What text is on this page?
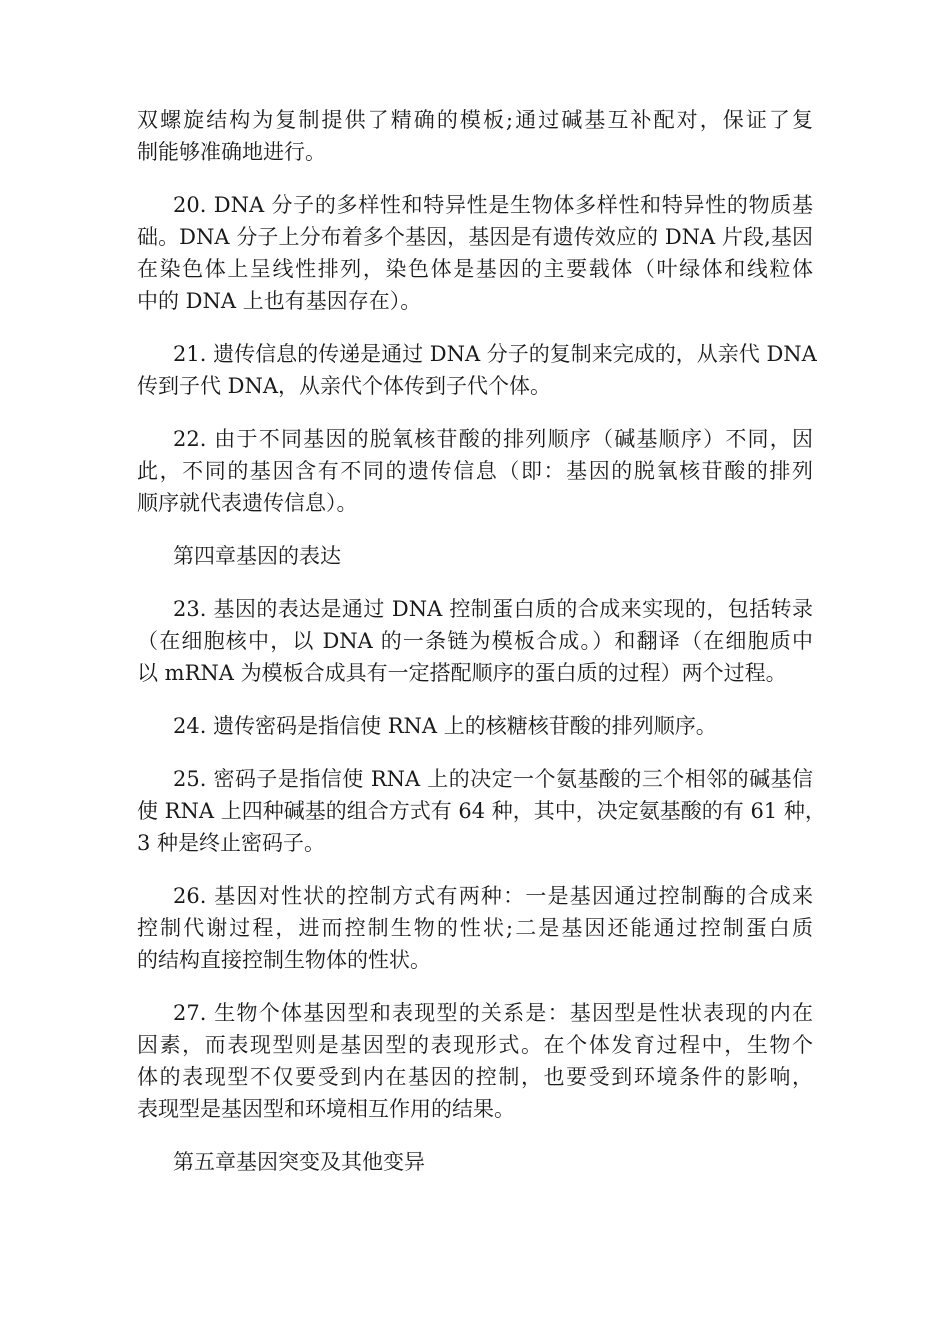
双螺旋结构为复制提供了精确的模板;通过碱基互补配对，保证了复
制能够准确地进行。
20. DNA 分子的多样性和特异性是生物体多样性和特异性的物质基
础。DNA 分子上分布着多个基因，基因是有遗传效应的 DNA 片段,基因
在染色体上呈线性排列，染色体是基因的主要载体（叶绿体和线粒体
中的 DNA 上也有基因存在）。
21. 遗传信息的传递是通过 DNA 分子的复制来完成的，从亲代 DNA
传到子代 DNA，从亲代个体传到子代个体。
22. 由于不同基因的脱氧核苷酸的排列顺序（碱基顺序）不同，因
此，不同的基因含有不同的遗传信息（即：基因的脱氧核苷酸的排列
顺序就代表遗传信息）。
第四章基因的表达
23. 基因的表达是通过 DNA 控制蛋白质的合成来实现的，包括转录
（在细胞核中，以 DNA 的一条链为模板合成。）和翻译（在细胞质中
以 mRNA 为模板合成具有一定搭配顺序的蛋白质的过程）两个过程。
24. 遗传密码是指信使 RNA 上的核糖核苷酸的排列顺序。
25. 密码子是指信使 RNA 上的决定一个氨基酸的三个相邻的碱基信
使 RNA 上四种碱基的组合方式有 64 种，其中，决定氨基酸的有 61 种，
3 种是终止密码子。
26. 基因对性状的控制方式有两种：一是基因通过控制酶的合成来
控制代谢过程，进而控制生物的性状;二是基因还能通过控制蛋白质
的结构直接控制生物体的性状。
27. 生物个体基因型和表现型的关系是：基因型是性状表现的内在
因素，而表现型则是基因型的表现形式。在个体发育过程中，生物个
体的表现型不仅要受到内在基因的控制，也要受到环境条件的影响，
表现型是基因型和环境相互作用的结果。
第五章基因突变及其他变异
